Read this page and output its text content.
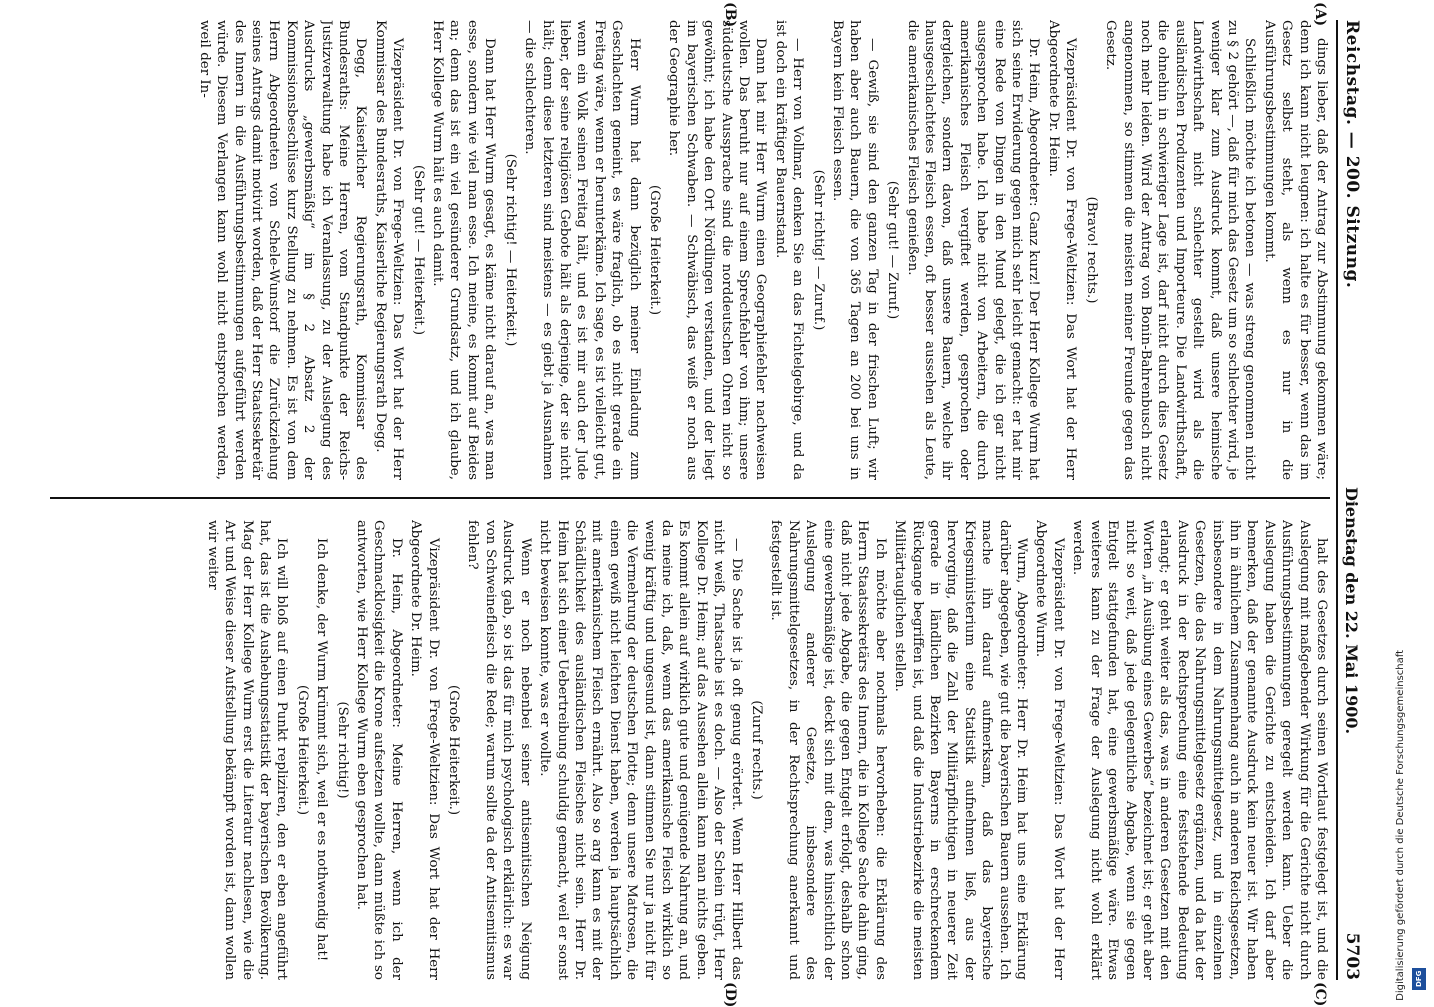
Reichstag. — 200. Sitzung.
Dienstag den 22. Mai 1900.
5703
(A)
(B)
(C)
(D)

dings lieber, daß der Antrag zur Abstimmung gekommen wäre; denn ich kann nicht leugnen: ich halte es für besser, wenn das im Gesetz selbst steht, als wenn es nur in die Ausführungsbestimmungen kommt.

Schließlich möchte ich betonen — was streng genommen nicht zu § 2 gehört —, daß für mich das Gesetz um so schlechter wird, je weniger klar zum Ausdruck kommt, daß unsere heimische Landwirthschaft nicht schlechter gestellt wird als die ausländischen Produzenten und Importeure. Die Landwirthschaft, die ohnehin in schwieriger Lage ist, darf nicht durch dies Gesetz noch mehr leiden. Wird der Antrag von Bonin-Bahrenbusch nicht angenommen, so stimmen die meisten meiner Freunde gegen das Gesetz.

(Bravo! rechts.)

Vizepräsident Dr. von Frege-Weltzien: Das Wort hat der Herr Abgeordnete Dr. Heim.

Dr. Heim, Abgeordneter: Ganz kurz! Der Herr Kollege Wurm hat sich seine Erwiderung gegen mich sehr leicht gemacht: er hat mir eine Rede von Dingen in den Mund gelegt, die ich gar nicht ausgesprochen habe. Ich habe nicht von Arbeitern, die durch amerikanisches Fleisch vergiftet werden, gesprochen oder dergleichen, sondern davon, daß unsere Bauern, welche ihr hausgeschlachtetes Fleisch essen, oft besser aussehen als Leute, die amerikanisches Fleisch genießen.

(Sehr gut! — Zuruf.)

— Gewiß, sie sind den ganzen Tag in der frischen Luft; wir haben aber auch Bauern, die von 365 Tagen an 200 bei uns in Bayern kein Fleisch essen.

(Sehr richtig! — Zuruf.)

— Herr von Vollmar, denken Sie an das Fichtelgebirge, und da ist doch ein kräftiger Bauernstand.

Dann hat mir Herr Wurm einen Geographiefehler nachweisen wollen. Das beruht nur auf einem Sprechfehler von ihm; unsere süddeutsche Aussprache sind die norddeutschen Ohren nicht so gewöhnt; ich habe den Ort Nördlingen verstanden, und der liegt im bayerischen Schwaben. — Schwäbisch, das weiß er noch aus der Geographie her.

(Große Heiterkeit.)

Herr Wurm hat dann bezüglich meiner Einladung zum Geschlachten gemeint, es wäre fraglich, ob es nicht gerade ein Freitag wäre, wenn er herunterkäme. Ich sage, es ist vielleicht gut, wenn ein Volk seinen Freitag hält, und es ist mir auch der Jude lieber, der seine religiösen Gebote hält als derjenige, der sie nicht hält; denn diese letzteren sind meistens — es giebt ja Ausnahmen — die schlechteren.

(Sehr richtig! — Heiterkeit.)

Dann hat Herr Wurm gesagt, es käme nicht darauf an, was man esse, sondern wie viel man esse. Ich meine, es kommt auf Beides an; denn das ist ein viel gesünderer Grundsatz, und ich glaube, Herr Kollege Wurm hält es auch damit.

(Sehr gut! — Heiterkeit.)

Vizepräsident Dr. von Frege-Weltzien: Das Wort hat der Herr Kommissar des Bundesraths, Kaiserliche Regierungsrath Degg.

Degg, Kaiserlicher Regierungsrath, Kommissar des Bundesraths: Meine Herren, vom Standpunkte der Reichs-Justizverwaltung habe ich Veranlassung, zu der Auslegung des Ausdrucks „gewerbsmäßig“ im § 2 Absatz 2 der Kommissionsbeschlüsse kurz Stellung zu nehmen. Es ist von dem Herrn Abgeordneten von Schele-Wunstorf die Zurückziehung seines Antrags damit motivirt worden, daß der Herr Staatssekretär des Innern in die Ausführungsbestimmungen aufgeführt werden würde. Diesem Verlangen kann wohl nicht entsprochen werden, weil der In-

halt des Gesetzes durch seinen Wortlaut festgelegt ist, und die Auslegung mit maßgebender Wirkung für die Gerichte nicht durch Ausführungsbestimmungen geregelt werden kann. Ueber die Auslegung haben die Gerichte zu entscheiden. Ich darf aber bemerken, daß der genannte Ausdruck kein neuer ist. Wir haben ihn in ähnlichem Zusammenhang auch in anderen Reichsgesetzen, insbesondere in dem Nahrungsmittelgesetz, und in einzelnen Gesetzen, die das Nahrungsmittelgesetz ergänzen, und da hat der Ausdruck in der Rechtsprechung eine feststehende Bedeutung erlangt; er geht weiter als das, was in anderen Gesetzen mit den Worten „in Ausübung eines Gewerbes“ bezeichnet ist; er geht aber nicht so weit, daß jede gelegentliche Abgabe, wenn sie gegen Entgelt stattgefunden hat, eine gewerbsmäßige wäre. Etwas weiteres kann zu der Frage der Auslegung nicht wohl erklärt werden.

Vizepräsident Dr. von Frege-Weltzien: Das Wort hat der Herr Abgeordnete Wurm.

Wurm, Abgeordneter: Herr Dr. Heim hat uns eine Erklärung darüber abgegeben, wie gut die bayerischen Bauern aussehen. Ich mache ihn darauf aufmerksam, daß das bayerische Kriegsministerium eine Statistik aufnehmen ließ, aus der hervorging, daß die Zahl der Militärpflichtigen in neuerer Zeit gerade in ländlichen Bezirken Bayerns in erschreckendem Rückgange begriffen ist, und daß die Industriebezirke die meisten Militärtauglichen stellen.

Ich möchte aber nochmals hervorheben: die Erklärung des Herrn Staatssekretärs des Innern, die in Kollege Sache dahin ging, daß nicht jede Abgabe, die gegen Entgelt erfolgt, deshalb schon eine gewerbsmäßige ist, deckt sich mit dem, was hinsichtlich der Auslegung anderer Gesetze, insbesondere des Nahrungsmittelgesetzes, in der Rechtsprechung anerkannt und festgestellt ist.

(Zuruf rechts.)

— Die Sache ist ja oft genug erörtert. Wenn Herr Hilbert das nicht weiß, Thatsache ist es doch. — Also der Schein trügt, Herr Kollege Dr. Heim; auf das Aussehen allein kann man nichts geben. Es kommt allein auf wirklich gute und genügende Nahrung an, und da meine ich, daß, wenn das amerikanische Fleisch wirklich so wenig kräftig und ungesund ist, dann stimmen Sie nur ja nicht für die Vermehrung der deutschen Flotte; denn unsere Matrosen, die einen gewiß nicht leichten Dienst haben, werden ja hauptsächlich mit amerikanischem Fleisch ernährt. Also so arg kann es mit der Schädlichkeit des ausländischen Fleisches nicht sein. Herr Dr. Heim hat sich einer Uebertreibung schuldig gemacht, weil er sonst nicht beweisen konnte, was er wollte.

Wenn er noch nebenbei seiner antisemitischen Neigung Ausdruck gab, so ist das für mich psychologisch erklärlich: es war von Schweinefleisch die Rede; warum sollte da der Antisemitismus fehlen?

(Große Heiterkeit.)

Vizepräsident Dr. von Frege-Weltzien: Das Wort hat der Herr Abgeordnete Dr. Heim.

Dr. Heim, Abgeordneter: Meine Herren, wenn ich der Geschmacklosigkeit die Krone aufsetzen wollte, dann müßte ich so antworten, wie Herr Kollege Wurm eben gesprochen hat.

(Sehr richtig!)

Ich denke, der Wurm krümmt sich, weil er es nothwendig hat!

(Große Heiterkeit.)

Ich will bloß auf einen Punkt repliziren, den er eben angeführt hat, das ist die Aushebungsstatistik der bayerischen Bevölkerung. Mag der Herr Kollege Wurm erst die Literatur nachlesen, wie die Art und Weise dieser Aufstellung bekämpft worden ist, dann wollen wir weiter

Digitalisierung gefördert durch die Deutsche Forschungsgemeinschaft	DFG
